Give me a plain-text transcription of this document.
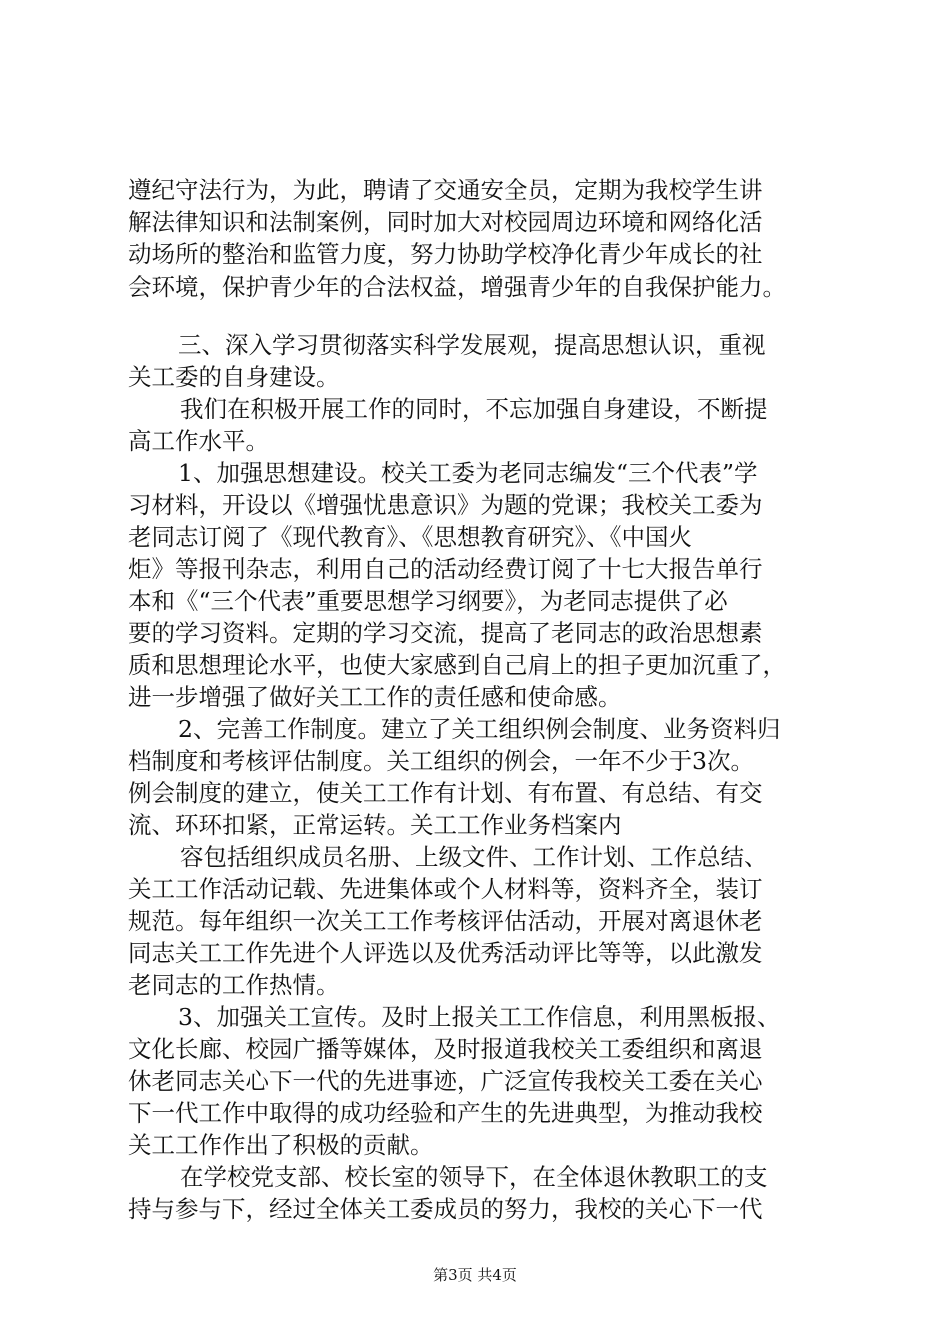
遵纪守法行为，为此，聘请了交通安全员，定期为我校学生讲
解法律知识和法制案例，同时加大对校园周边环境和网络化活
动场所的整治和监管力度，努力协助学校净化青少年成长的社
会环境，保护青少年的合法权益，增强青少年的自我保护能力。
三、深入学习贯彻落实科学发展观，提高思想认识，重视
关工委的自身建设。
我们在积极开展工作的同时，不忘加强自身建设，不断提
高工作水平。
1、加强思想建设。校关工委为老同志编发“三个代表”学
习材料，开设以《增强忧患意识》为题的党课；我校关工委为
老同志订阅了《现代教育》、《思想教育研究》、《中国火
炬》等报刊杂志，利用自己的活动经费订阅了十七大报告单行
本和《“三个代表”重要思想学习纲要》，为老同志提供了必
要的学习资料。定期的学习交流，提高了老同志的政治思想素
质和思想理论水平，也使大家感到自己肩上的担子更加沉重了，
进一步增强了做好关工工作的责任感和使命感。
2、完善工作制度。建立了关工组织例会制度、业务资料归
档制度和考核评估制度。关工组织的例会，一年不少于3次。
例会制度的建立，使关工工作有计划、有布置、有总结、有交
流、环环扣紧，正常运转。关工工作业务档案内
容包括组织成员名册、上级文件、工作计划、工作总结、
关工工作活动记载、先进集体或个人材料等，资料齐全，装订
规范。每年组织一次关工工作考核评估活动，开展对离退休老
同志关工工作先进个人评选以及优秀活动评比等等，以此激发
老同志的工作热情。
3、加强关工宣传。及时上报关工工作信息，利用黑板报、
文化长廊、校园广播等媒体，及时报道我校关工委组织和离退
休老同志关心下一代的先进事迹，广泛宣传我校关工委在关心
下一代工作中取得的成功经验和产生的先进典型，为推动我校
关工工作作出了积极的贡献。
在学校党支部、校长室的领导下，在全体退休教职工的支
持与参与下，经过全体关工委成员的努力，我校的关心下一代
第3页 共4页
